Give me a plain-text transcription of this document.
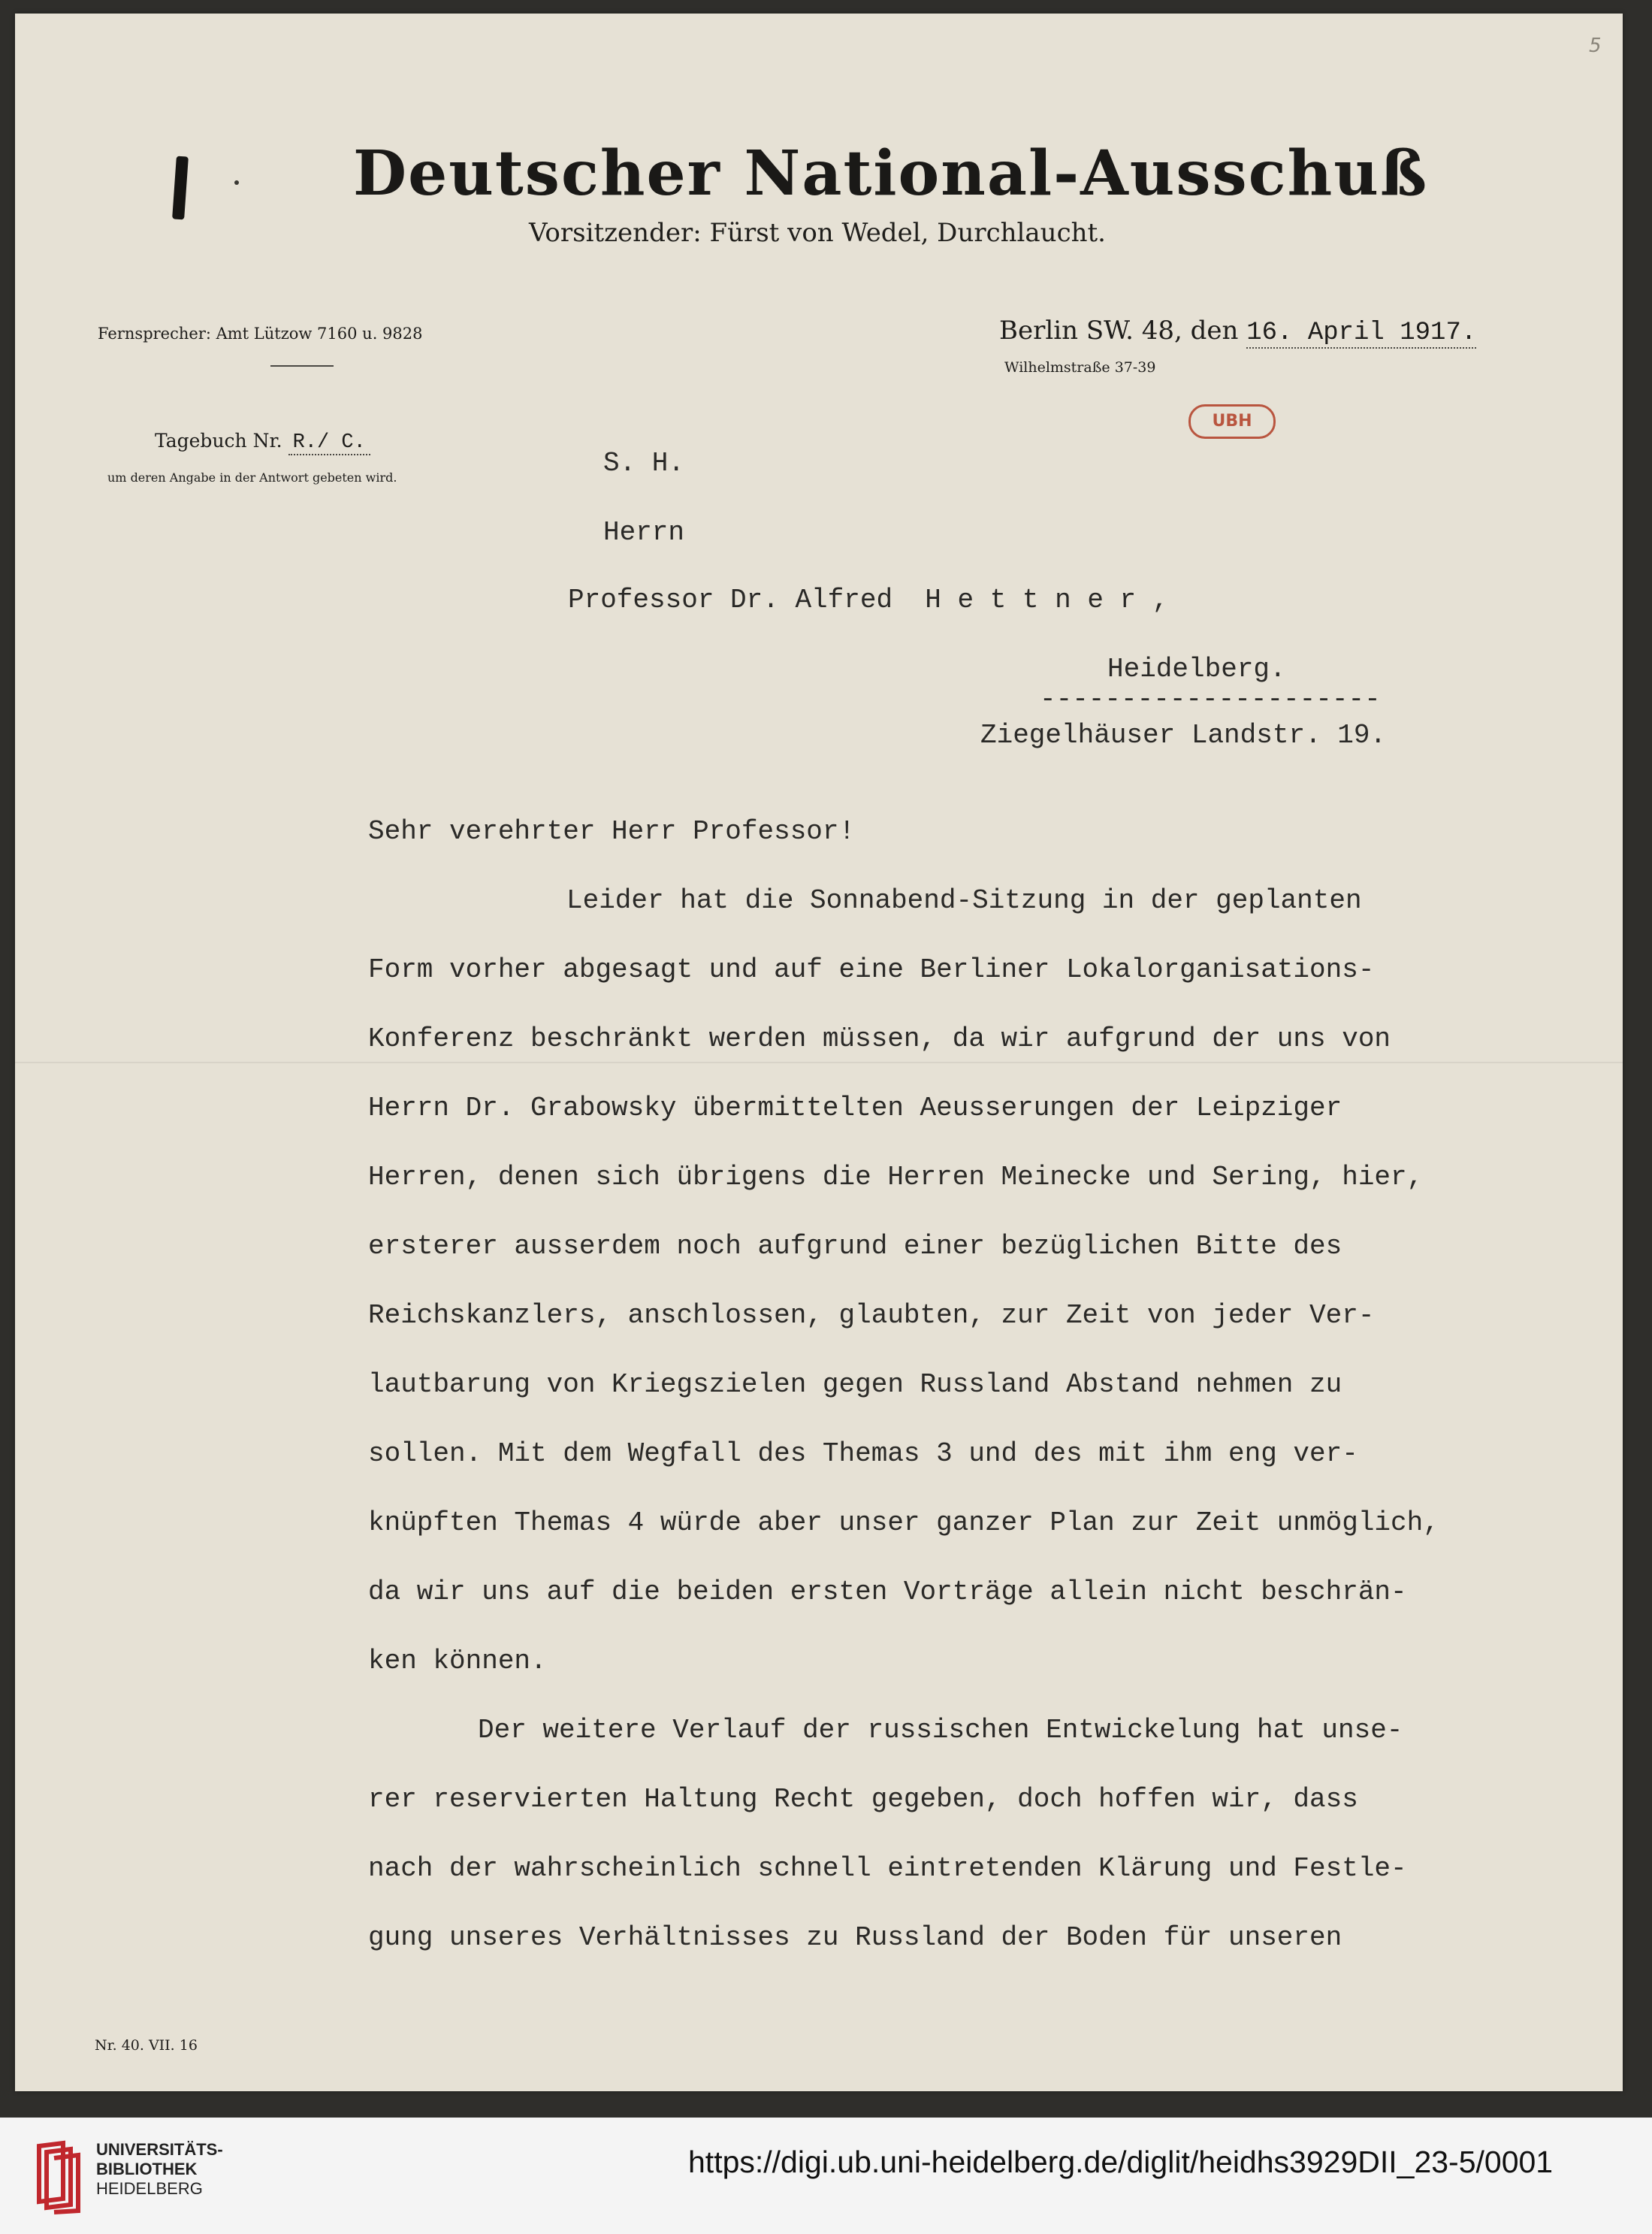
5
Deutscher National-Ausschuß
Vorsitzender: Fürst von Wedel, Durchlaucht.
Fernsprecher: Amt Lützow 7160 u. 9828
Tagebuch Nr. R./ C.
um deren Angabe in der Antwort gebeten wird.
Berlin SW. 48, den 16. April 1917.
Wilhelmstraße 37-39
UBH
S. H.
Herrn
Professor Dr. Alfred  H e t t n e r ,
Heidelberg.
---------------------
Ziegelhäuser Landstr. 19.
Sehr verehrter Herr Professor!
Leider hat die Sonnabend-Sitzung in der geplanten
Form vorher abgesagt und auf eine Berliner Lokalorganisations-
Konferenz beschränkt werden müssen, da wir aufgrund der uns von
Herrn Dr. Grabowsky übermittelten Aeusserungen der Leipziger
Herren, denen sich übrigens die Herren Meinecke und Sering, hier,
ersterer ausserdem noch aufgrund einer bezüglichen Bitte des
Reichskanzlers, anschlossen, glaubten, zur Zeit von jeder Ver-
lautbarung von Kriegszielen gegen Russland Abstand nehmen zu
sollen. Mit dem Wegfall des Themas 3 und des mit ihm eng ver-
knüpften Themas 4 würde aber unser ganzer Plan zur Zeit unmöglich,
da wir uns auf die beiden ersten Vorträge allein nicht beschrän-
ken können.
Der weitere Verlauf der russischen Entwickelung hat unse-
rer reservierten Haltung Recht gegeben, doch hoffen wir, dass
nach der wahrscheinlich schnell eintretenden Klärung und Festle-
gung unseres Verhältnisses zu Russland der Boden für unseren
Nr. 40. VII. 16
UNIVERSITÄTS-
BIBLIOTHEK
HEIDELBERG
https://digi.ub.uni-heidelberg.de/diglit/heidhs3929DII_23-5/0001
